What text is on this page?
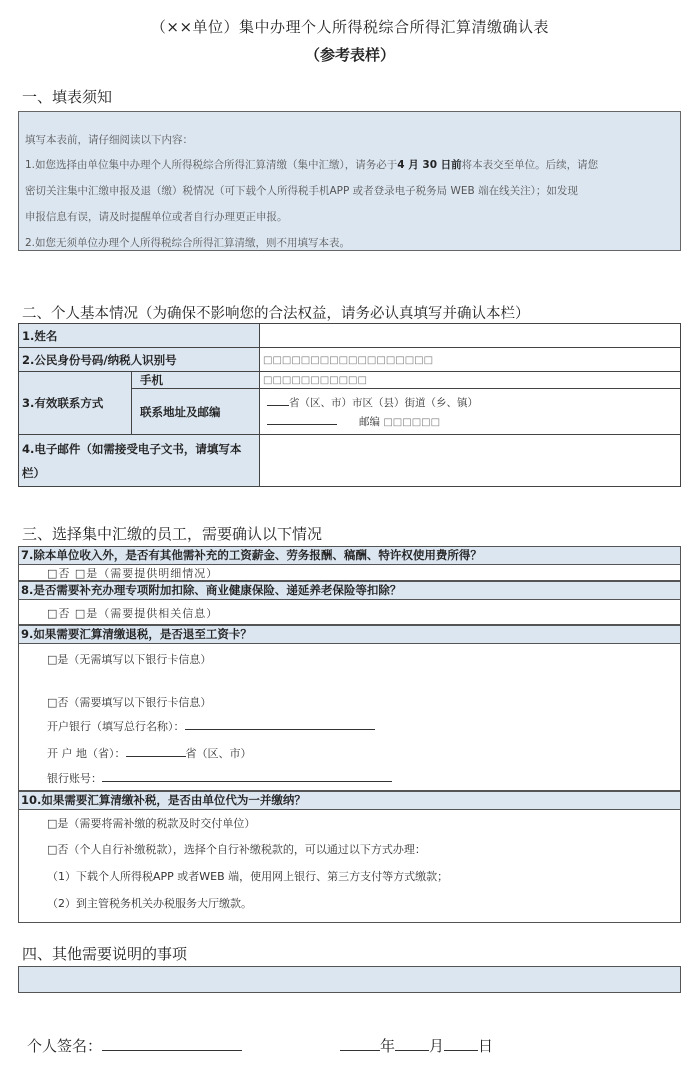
（××单位）集中办理个人所得税综合所得汇算清缴确认表
（参考表样）
一、填表须知

填写本表前，请仔细阅读以下内容：

1.如您选择由单位集中办理个人所得税综合所得汇算清缴（集中汇缴），请务必于4 月 30 日前将本表交至单位。后续，请您

密切关注集中汇缴申报及退（缴）税情况（可下载个人所得税手机APP 或者登录电子税务局 WEB 端在线关注）；如发现

申报信息有误，请及时提醒单位或者自行办理更正申报。

2.如您无须单位办理个人所得税综合所得汇算清缴，则不用填写本表。

二、个人基本情况（为确保不影响您的合法权益，请务必认真填写并确认本栏）
1.姓名		
2.公民身份号码/纳税人识别号		□□□□□□□□□□□□□□□□□□
3.有效联系方式	手机	□□□□□□□□□□□
	联系地址及邮编	省（区、市）市区（县）街道（乡、镇）
邮编 □□□□□□

4.电子邮件（如需接受电子文书，请填写本
栏）		
三、选择集中汇缴的员工，需要确认以下情况
7.除本单位收入外，是否有其他需补充的工资薪金、劳务报酬、稿酬、特许权使用费所得？
□否 □是（需要提供明细情况）
8.是否需要补充办理专项附加扣除、商业健康保险、递延养老保险等扣除？
□否 □是（需要提供相关信息）
9.如果需要汇算清缴退税，是否退至工资卡？
□是（无需填写以下银行卡信息）
□否（需要填写以下银行卡信息）
开户银行（填写总行名称）：
开 户 地（省）：	省（区、市）
银行账号：
10.如果需要汇算清缴补税，是否由单位代为一并缴纳？
□是（需要将需补缴的税款及时交付单位）
□否（个人自行补缴税款），选择个自行补缴税款的，可以通过以下方式办理：
（1）下载个人所得税APP 或者WEB 端，使用网上银行、第三方支付等方式缴款；
（2）到主管税务机关办税服务大厅缴款。
四、其他需要说明的事项
个人签名：	年 月 日
